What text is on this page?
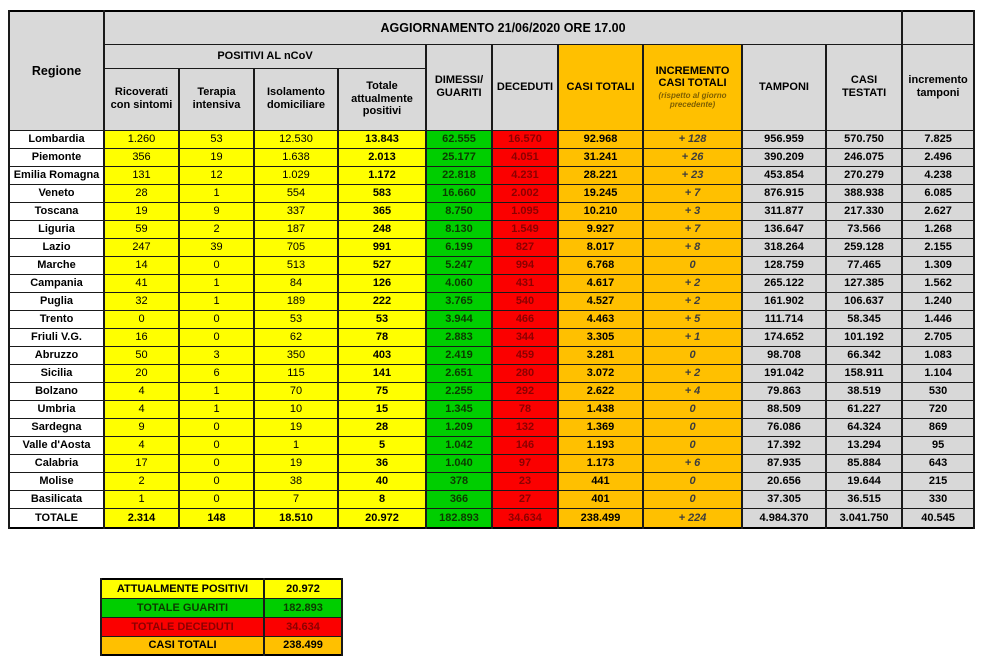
Regione	AGGIORNAMENTO 21/06/2020 ORE 17.00										
	POSITIVI AL nCoV				DIMESSI/ GUARITI	DECEDUTI	CASI TOTALI	INCREMENTO CASI TOTALI
(rispetto al giorno precedente)	TAMPONI	CASI TESTATI	incremento tamponi
	Ricoverati con sintomi	Terapia intensiva	Isolamento domiciliare	Totale attualmente positivi							
Lombardia	1.260	53	12.530	13.843	62.555	16.570	92.968	+ 128	956.959	570.750	7.825
Piemonte	356	19	1.638	2.013	25.177	4.051	31.241	+ 26	390.209	246.075	2.496
Emilia Romagna	131	12	1.029	1.172	22.818	4.231	28.221	+ 23	453.854	270.279	4.238
Veneto	28	1	554	583	16.660	2.002	19.245	+ 7	876.915	388.938	6.085
Toscana	19	9	337	365	8.750	1.095	10.210	+ 3	311.877	217.330	2.627
Liguria	59	2	187	248	8.130	1.549	9.927	+ 7	136.647	73.566	1.268
Lazio	247	39	705	991	6.199	827	8.017	+ 8	318.264	259.128	2.155
Marche	14	0	513	527	5.247	994	6.768	0	128.759	77.465	1.309
Campania	41	1	84	126	4.060	431	4.617	+ 2	265.122	127.385	1.562
Puglia	32	1	189	222	3.765	540	4.527	+ 2	161.902	106.637	1.240
Trento	0	0	53	53	3.944	466	4.463	+ 5	111.714	58.345	1.446
Friuli V.G.	16	0	62	78	2.883	344	3.305	+ 1	174.652	101.192	2.705
Abruzzo	50	3	350	403	2.419	459	3.281	0	98.708	66.342	1.083
Sicilia	20	6	115	141	2.651	280	3.072	+ 2	191.042	158.911	1.104
Bolzano	4	1	70	75	2.255	292	2.622	+ 4	79.863	38.519	530
Umbria	4	1	10	15	1.345	78	1.438	0	88.509	61.227	720
Sardegna	9	0	19	28	1.209	132	1.369	0	76.086	64.324	869
Valle d'Aosta	4	0	1	5	1.042	146	1.193	0	17.392	13.294	95
Calabria	17	0	19	36	1.040	97	1.173	+ 6	87.935	85.884	643
Molise	2	0	38	40	378	23	441	0	20.656	19.644	215
Basilicata	1	0	7	8	366	27	401	0	37.305	36.515	330
TOTALE	2.314	148	18.510	20.972	182.893	34.634	238.499	+ 224	4.984.370	3.041.750	40.545
ATTUALMENTE POSITIVI	20.972
TOTALE GUARITI	182.893
TOTALE DECEDUTI	34.634
CASI TOTALI	238.499
